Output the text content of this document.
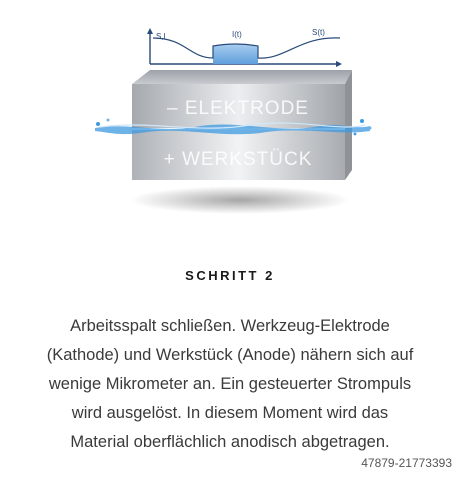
S,I	I(t)	S(t)
– ELEKTRODE
+ WERKSTÜCK
SCHRITT 2
Arbeitsspalt schließen. Werkzeug-Elektrode
(Kathode) und Werkstück (Anode) nähern sich auf
wenige Mikrometer an. Ein gesteuerter Strompuls
wird ausgelöst. In diesem Moment wird das
Material oberflächlich anodisch abgetragen.
47879-21773393
